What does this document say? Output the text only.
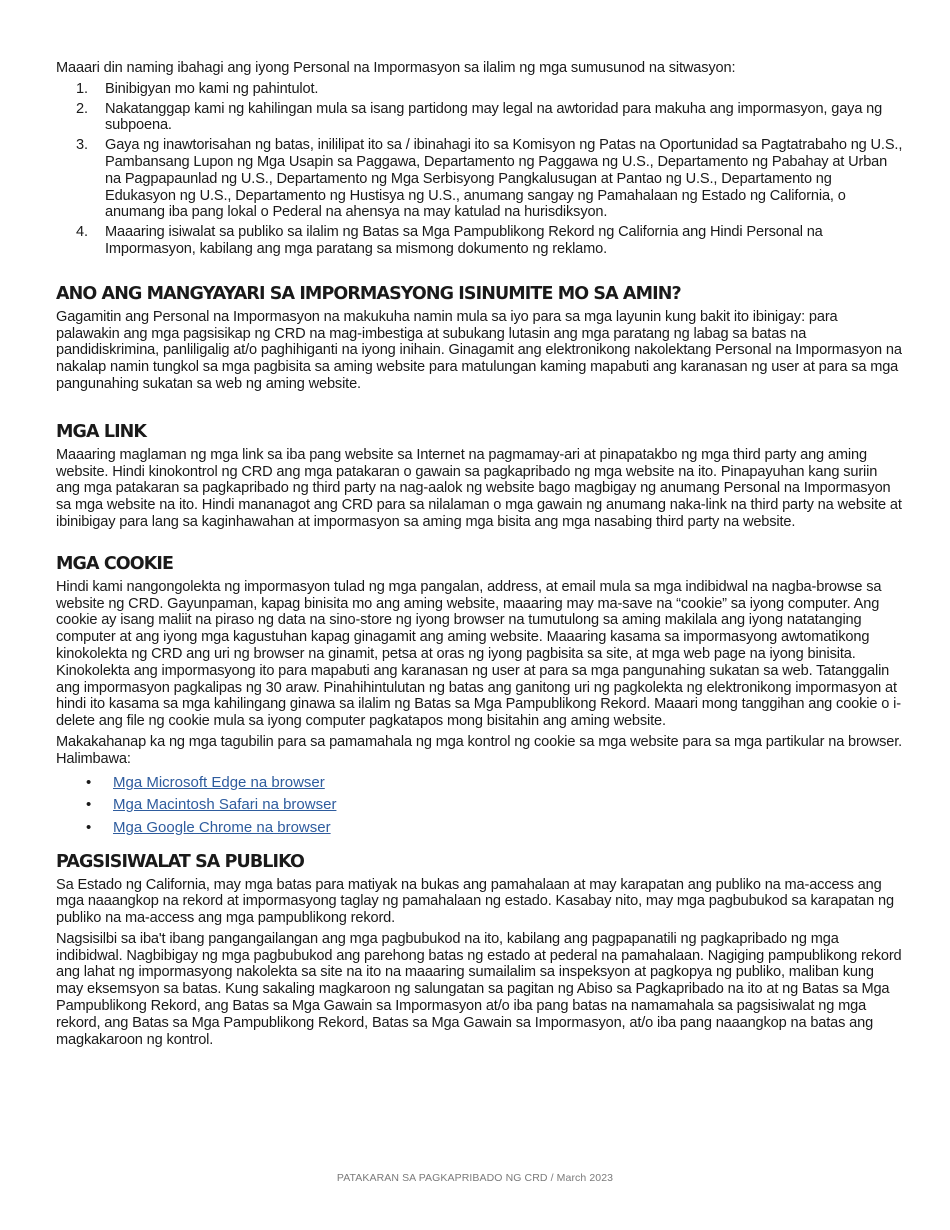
Maaari din naming ibahagi ang iyong Personal na Impormasyon sa ilalim ng mga sumusunod na sitwasyon:

1. Binibigyan mo kami ng pahintulot.
2. Nakatanggap kami ng kahilingan mula sa isang partidong may legal na awtoridad para makuha ang impormasyon, gaya ng subpoena.
3. Gaya ng inawtorisahan ng batas, inililipat ito sa / ibinahagi ito sa Komisyon ng Patas na Oportunidad sa Pagtatrabaho ng U.S., Pambansang Lupon ng Mga Usapin sa Paggawa, Departamento ng Paggawa ng U.S., Departamento ng Pabahay at Urban na Pagpapaunlad ng U.S., Departamento ng Mga Serbisyong Pangkalusugan at Pantao ng U.S., Departamento ng Edukasyon ng U.S., Departamento ng Hustisya ng U.S., anumang sangay ng Pamahalaan ng Estado ng California, o anumang iba pang lokal o Pederal na ahensya na may katulad na hurisdiksyon.
4. Maaaring isiwalat sa publiko sa ilalim ng Batas sa Mga Pampublikong Rekord ng California ang Hindi Personal na Impormasyon, kabilang ang mga paratang sa mismong dokumento ng reklamo.
ANO ANG MANGYAYARI SA IMPORMASYONG ISINUMITE MO SA AMIN?

Gagamitin ang Personal na Impormasyon na makukuha namin mula sa iyo para sa mga layunin kung bakit ito ibinigay: para palawakin ang mga pagsisikap ng CRD na mag-imbestiga at subukang lutasin ang mga paratang ng labag sa batas na pandidiskrimina, panliligalig at/o paghihiganti na iyong inihain. Ginagamit ang elektronikong nakolektang Personal na Impormasyon na nakalap namin tungkol sa mga pagbisita sa aming website para matulungan kaming mapabuti ang karanasan ng user at para sa mga pangunahing sukatan sa web ng aming website.

MGA LINK

Maaaring maglaman ng mga link sa iba pang website sa Internet na pagmamay-ari at pinapatakbo ng mga third party ang aming website. Hindi kinokontrol ng CRD ang mga patakaran o gawain sa pagkapribado ng mga website na ito. Pinapayuhan kang suriin ang mga patakaran sa pagkapribado ng third party na nag-aalok ng website bago magbigay ng anumang Personal na Impormasyon sa mga website na ito. Hindi mananagot ang CRD para sa nilalaman o mga gawain ng anumang naka-link na third party na website at ibinibigay para lang sa kaginhawahan at impormasyon sa aming mga bisita ang mga nasabing third party na website.

MGA COOKIE

Hindi kami nangongolekta ng impormasyon tulad ng mga pangalan, address, at email mula sa mga indibidwal na nagba-browse sa website ng CRD. Gayunpaman, kapag binisita mo ang aming website, maaaring may ma-save na “cookie” sa iyong computer. Ang cookie ay isang maliit na piraso ng data na sino-store ng iyong browser na tumutulong sa aming makilala ang iyong natatanging computer at ang iyong mga kagustuhan kapag ginagamit ang aming website. Maaaring kasama sa impormasyong awtomatikong kinokolekta ng CRD ang uri ng browser na ginamit, petsa at oras ng iyong pagbisita sa site, at mga web page na iyong binisita. Kinokolekta ang impormasyong ito para mapabuti ang karanasan ng user at para sa mga pangunahing sukatan sa web. Tatanggalin ang impormasyon pagkalipas ng 30 araw. Pinahihintulutan ng batas ang ganitong uri ng pagkolekta ng elektronikong impormasyon at hindi ito kasama sa mga kahilingang ginawa sa ilalim ng Batas sa Mga Pampublikong Rekord. Maaari mong tanggihan ang cookie o i-delete ang file ng cookie mula sa iyong computer pagkatapos mong bisitahin ang aming website.

Makakahanap ka ng mga tagubilin para sa pamamahala ng mga kontrol ng cookie sa mga website para sa mga partikular na browser. Halimbawa:

• Mga Microsoft Edge na browser
• Mga Macintosh Safari na browser
• Mga Google Chrome na browser
PAGSISIWALAT SA PUBLIKO

Sa Estado ng California, may mga batas para matiyak na bukas ang pamahalaan at may karapatan ang publiko na ma-access ang mga naaangkop na rekord at impormasyong taglay ng pamahalaan ng estado. Kasabay nito, may mga pagbubukod sa karapatan ng publiko na ma-access ang mga pampublikong rekord.

Nagsisilbi sa iba't ibang pangangailangan ang mga pagbubukod na ito, kabilang ang pagpapanatili ng pagkapribado ng mga indibidwal. Nagbibigay ng mga pagbubukod ang parehong batas ng estado at pederal na pamahalaan. Nagiging pampublikong rekord ang lahat ng impormasyong nakolekta sa site na ito na maaaring sumailalim sa inspeksyon at pagkopya ng publiko, maliban kung may eksemsyon sa batas. Kung sakaling magkaroon ng salungatan sa pagitan ng Abiso sa Pagkapribado na ito at ng Batas sa Mga Pampublikong Rekord, ang Batas sa Mga Gawain sa Impormasyon at/o iba pang batas na namamahala sa pagsisiwalat ng mga rekord, ang Batas sa Mga Pampublikong Rekord, Batas sa Mga Gawain sa Impormasyon, at/o iba pang naaangkop na batas ang magkakaroon ng kontrol.

PATAKARAN SA PAGKAPRIBADO NG CRD / March 2023
